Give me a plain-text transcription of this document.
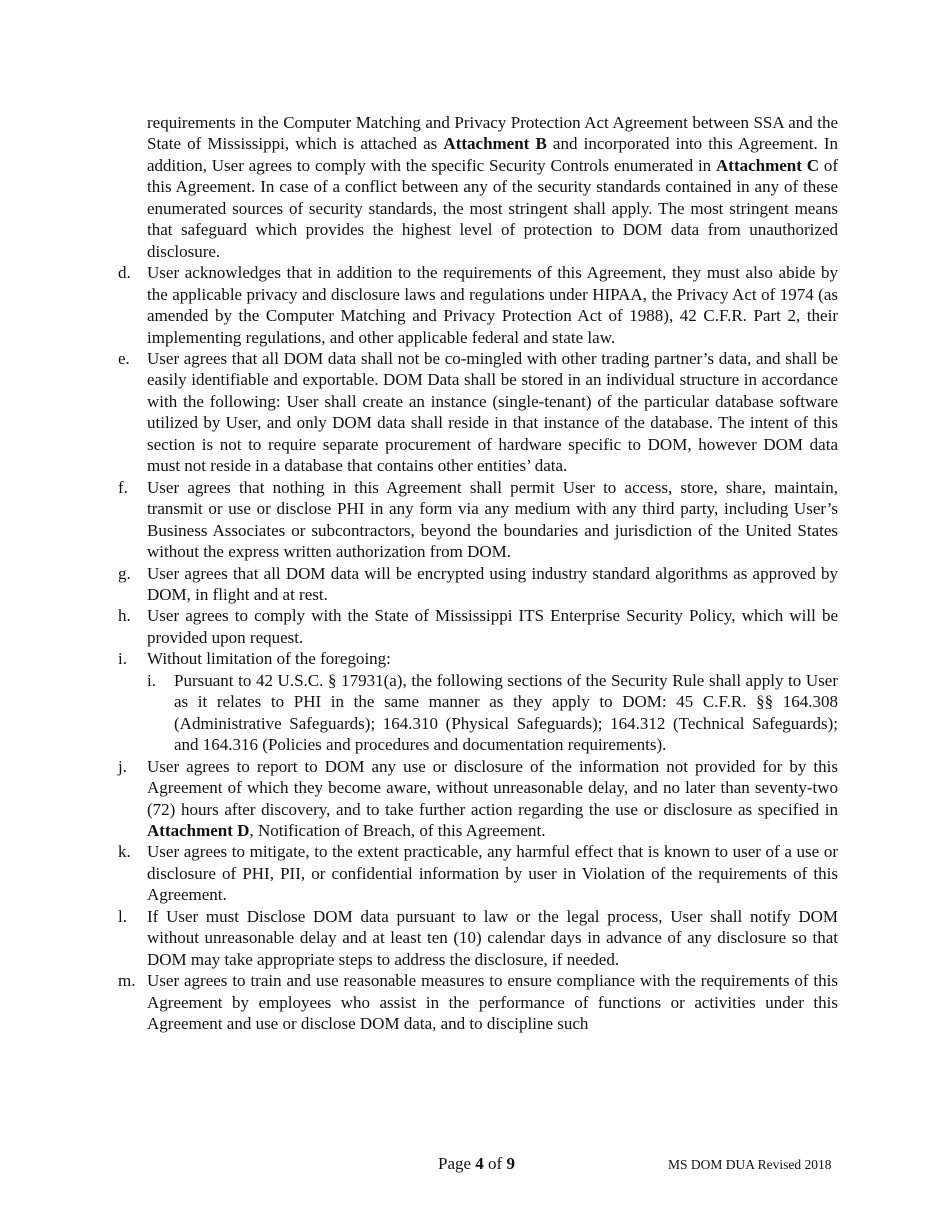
requirements in the Computer Matching and Privacy Protection Act Agreement between SSA and the State of Mississippi, which is attached as Attachment B and incorporated into this Agreement. In addition, User agrees to comply with the specific Security Controls enumerated in Attachment C of this Agreement. In case of a conflict between any of the security standards contained in any of these enumerated sources of security standards, the most stringent shall apply. The most stringent means that safeguard which provides the highest level of protection to DOM data from unauthorized disclosure.
d. User acknowledges that in addition to the requirements of this Agreement, they must also abide by the applicable privacy and disclosure laws and regulations under HIPAA, the Privacy Act of 1974 (as amended by the Computer Matching and Privacy Protection Act of 1988), 42 C.F.R. Part 2, their implementing regulations, and other applicable federal and state law.
e. User agrees that all DOM data shall not be co-mingled with other trading partner’s data, and shall be easily identifiable and exportable. DOM Data shall be stored in an individual structure in accordance with the following: User shall create an instance (single-tenant) of the particular database software utilized by User, and only DOM data shall reside in that instance of the database. The intent of this section is not to require separate procurement of hardware specific to DOM, however DOM data must not reside in a database that contains other entities’ data.
f. User agrees that nothing in this Agreement shall permit User to access, store, share, maintain, transmit or use or disclose PHI in any form via any medium with any third party, including User’s Business Associates or subcontractors, beyond the boundaries and jurisdiction of the United States without the express written authorization from DOM.
g. User agrees that all DOM data will be encrypted using industry standard algorithms as approved by DOM, in flight and at rest.
h. User agrees to comply with the State of Mississippi ITS Enterprise Security Policy, which will be provided upon request.
i. Without limitation of the foregoing:
i. Pursuant to 42 U.S.C. § 17931(a), the following sections of the Security Rule shall apply to User as it relates to PHI in the same manner as they apply to DOM: 45 C.F.R. §§ 164.308 (Administrative Safeguards); 164.310 (Physical Safeguards); 164.312 (Technical Safeguards); and 164.316 (Policies and procedures and documentation requirements).
j. User agrees to report to DOM any use or disclosure of the information not provided for by this Agreement of which they become aware, without unreasonable delay, and no later than seventy-two (72) hours after discovery, and to take further action regarding the use or disclosure as specified in Attachment D, Notification of Breach, of this Agreement.
k. User agrees to mitigate, to the extent practicable, any harmful effect that is known to user of a use or disclosure of PHI, PII, or confidential information by user in Violation of the requirements of this Agreement.
l. If User must Disclose DOM data pursuant to law or the legal process, User shall notify DOM without unreasonable delay and at least ten (10) calendar days in advance of any disclosure so that DOM may take appropriate steps to address the disclosure, if needed.
m. User agrees to train and use reasonable measures to ensure compliance with the requirements of this Agreement by employees who assist in the performance of functions or activities under this Agreement and use or disclose DOM data, and to discipline such
Page 4 of 9	MS DOM DUA Revised 2018
